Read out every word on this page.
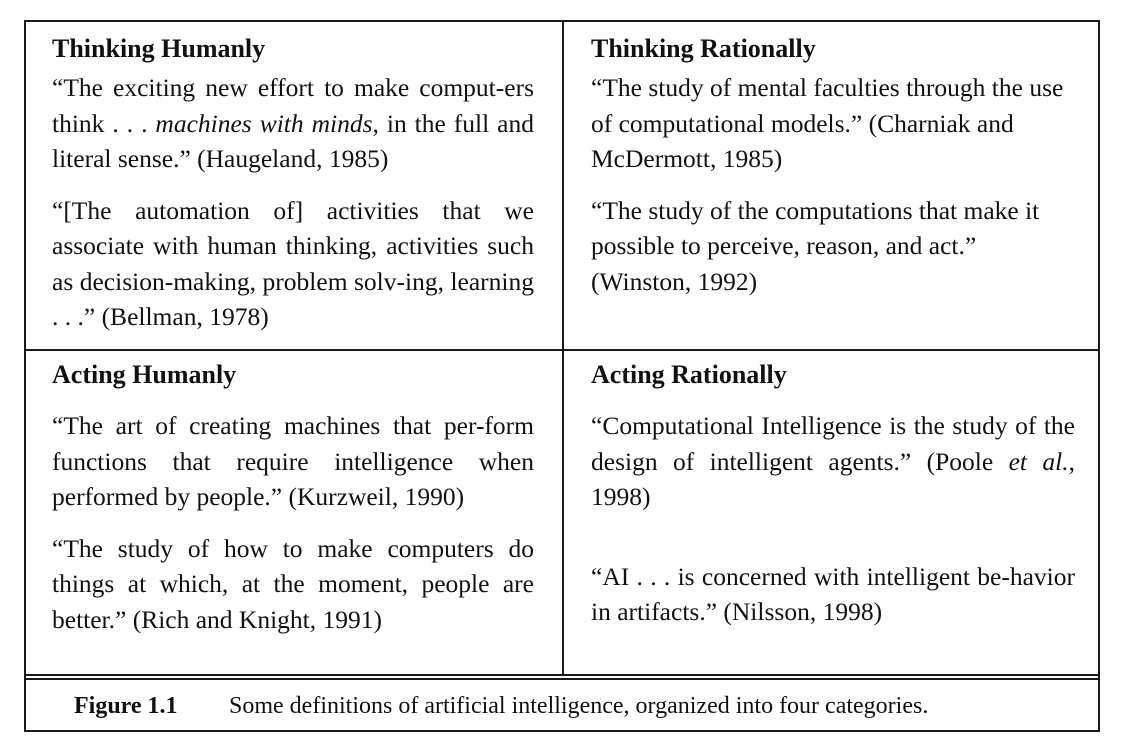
Thinking Humanly

“The exciting new effort to make comput-ers think . . . machines with minds, in the full and literal sense.” (Haugeland, 1985)

“[The automation of] activities that we associate with human thinking, activities such as decision-making, problem solv-ing, learning . . .” (Bellman, 1978)

Thinking Rationally

“The study of mental faculties through the use of computational models.” (Charniak and McDermott, 1985)

“The study of the computations that make it possible to perceive, reason, and act.” (Winston, 1992)

Acting Humanly

“The art of creating machines that per-form functions that require intelligence when performed by people.” (Kurzweil, 1990)

“The study of how to make computers do things at which, at the moment, people are better.” (Rich and Knight, 1991)

Acting Rationally

“Computational Intelligence is the study of the design of intelligent agents.” (Poole et al., 1998)

“AI . . . is concerned with intelligent be-havior in artifacts.” (Nilsson, 1998)

Figure 1.1 Some definitions of artificial intelligence, organized into four categories.
